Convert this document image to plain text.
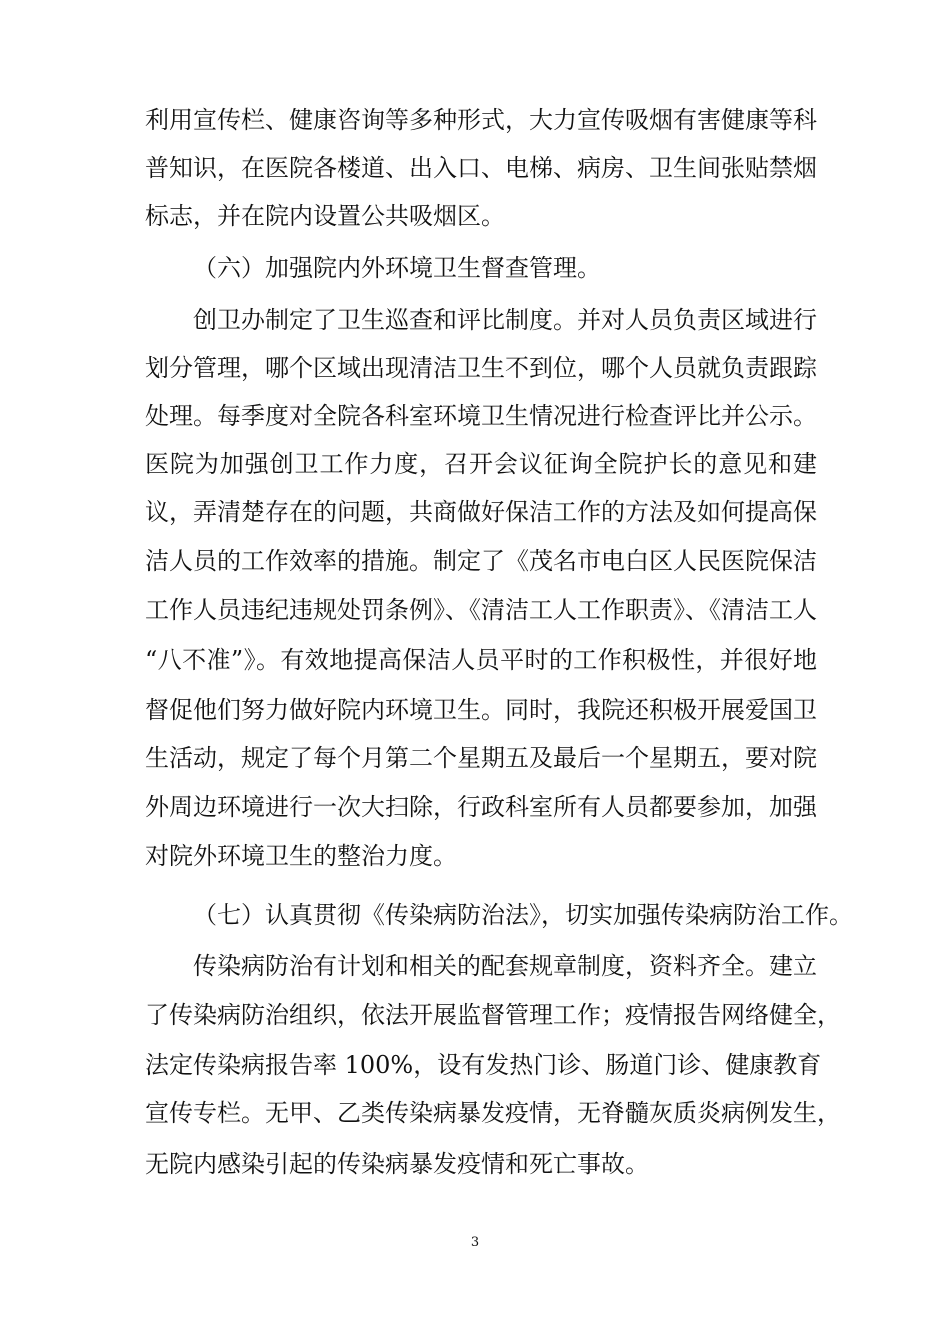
利用宣传栏、健康咨询等多种形式，大力宣传吸烟有害健康等科
普知识，在医院各楼道、出入口、电梯、病房、卫生间张贴禁烟
标志，并在院内设置公共吸烟区。
（六）加强院内外环境卫生督查管理。
创卫办制定了卫生巡查和评比制度。并对人员负责区域进行
划分管理，哪个区域出现清洁卫生不到位，哪个人员就负责跟踪
处理。每季度对全院各科室环境卫生情况进行检查评比并公示。
医院为加强创卫工作力度，召开会议征询全院护长的意见和建
议，弄清楚存在的问题，共商做好保洁工作的方法及如何提高保
洁人员的工作效率的措施。制定了《茂名市电白区人民医院保洁
工作人员违纪违规处罚条例》、《清洁工人工作职责》、《清洁工人
“八不准”》。有效地提高保洁人员平时的工作积极性，并很好地
督促他们努力做好院内环境卫生。同时，我院还积极开展爱国卫
生活动，规定了每个月第二个星期五及最后一个星期五，要对院
外周边环境进行一次大扫除，行政科室所有人员都要参加，加强
对院外环境卫生的整治力度。
（七）认真贯彻《传染病防治法》，切实加强传染病防治工作。
传染病防治有计划和相关的配套规章制度，资料齐全。建立
了传染病防治组织，依法开展监督管理工作；疫情报告网络健全，
法定传染病报告率 100%，设有发热门诊、肠道门诊、健康教育
宣传专栏。无甲、乙类传染病暴发疫情，无脊髓灰质炎病例发生，
无院内感染引起的传染病暴发疫情和死亡事故。
3
